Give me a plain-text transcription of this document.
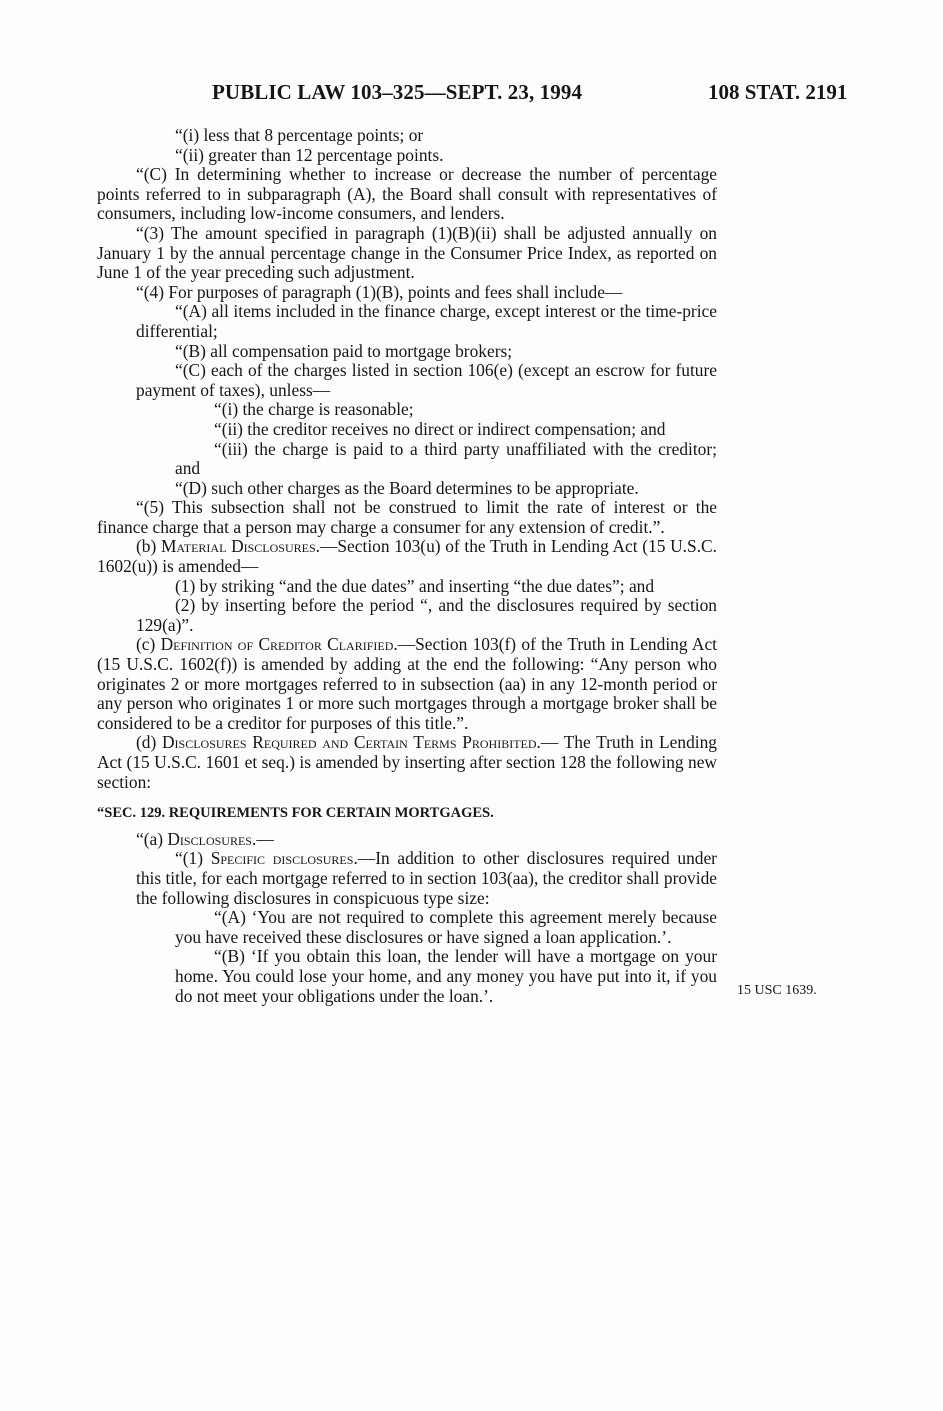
PUBLIC LAW 103–325—SEPT. 23, 1994	108 STAT. 2191

“(i) less that 8 percentage points; or

“(ii) greater than 12 percentage points.

“(C) In determining whether to increase or decrease the number of percentage points referred to in subparagraph (A), the Board shall consult with representatives of consumers, including low-income consumers, and lenders.

“(3) The amount specified in paragraph (1)(B)(ii) shall be adjusted annually on January 1 by the annual percentage change in the Consumer Price Index, as reported on June 1 of the year preceding such adjustment.

“(4) For purposes of paragraph (1)(B), points and fees shall include—

“(A) all items included in the finance charge, except interest or the time-price differential;

“(B) all compensation paid to mortgage brokers;

“(C) each of the charges listed in section 106(e) (except an escrow for future payment of taxes), unless—

“(i) the charge is reasonable;

“(ii) the creditor receives no direct or indirect compensation; and

“(iii) the charge is paid to a third party unaffiliated with the creditor; and

“(D) such other charges as the Board determines to be appropriate.

“(5) This subsection shall not be construed to limit the rate of interest or the finance charge that a person may charge a consumer for any extension of credit.”.

(b) Material Disclosures.—Section 103(u) of the Truth in Lending Act (15 U.S.C. 1602(u)) is amended—

(1) by striking “and the due dates” and inserting “the due dates”; and

(2) by inserting before the period “, and the disclosures required by section 129(a)”.

(c) Definition of Creditor Clarified.—Section 103(f) of the Truth in Lending Act (15 U.S.C. 1602(f)) is amended by adding at the end the following: “Any person who originates 2 or more mortgages referred to in subsection (aa) in any 12-month period or any person who originates 1 or more such mortgages through a mortgage broker shall be considered to be a creditor for purposes of this title.”.

(d) Disclosures Required and Certain Terms Prohibited.— The Truth in Lending Act (15 U.S.C. 1601 et seq.) is amended by inserting after section 128 the following new section:

“SEC. 129. REQUIREMENTS FOR CERTAIN MORTGAGES.

“(a) Disclosures.—

“(1) Specific disclosures.—In addition to other disclosures required under this title, for each mortgage referred to in section 103(aa), the creditor shall provide the following disclosures in conspicuous type size:

“(A) ‘You are not required to complete this agreement merely because you have received these disclosures or have signed a loan application.’.

“(B) ‘If you obtain this loan, the lender will have a mortgage on your home. You could lose your home, and any money you have put into it, if you do not meet your obligations under the loan.’.	15 USC 1639.
